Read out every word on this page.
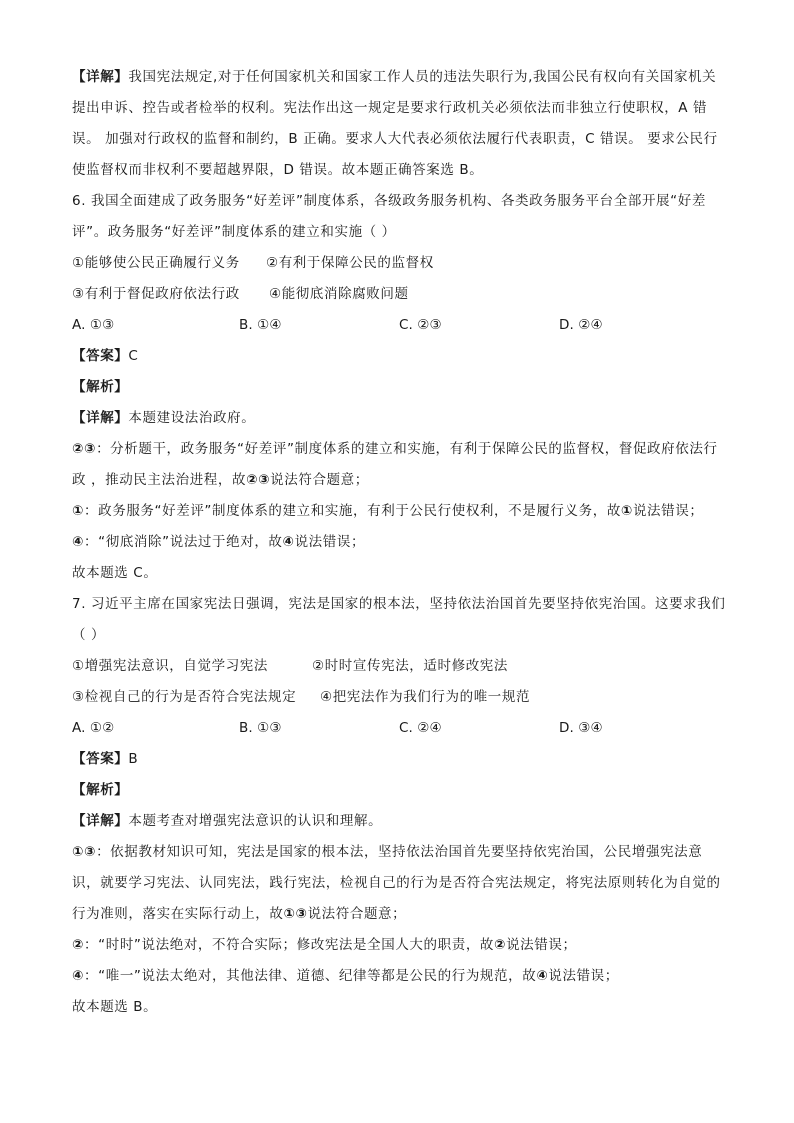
【详解】我国宪法规定,对于任何国家机关和国家工作人员的违法失职行为,我国公民有权向有关国家机关
提出申诉、控告或者检举的权利。宪法作出这一规定是要求行政机关必须依法而非独立行使职权，A 错
误。 加强对行政权的监督和制约，B 正确。要求人大代表必须依法履行代表职责，C 错误。 要求公民行
使监督权而非权利不要超越界限，D 错误。故本题正确答案选 B。
6. 我国全面建成了政务服务“好差评”制度体系，各级政务服务机构、各类政务服务平台全部开展“好差
评”。政务服务“好差评”制度体系的建立和实施（ ）
①能够使公民正确履行义务 ②有利于保障公民的监督权
③有利于督促政府依法行政 ④能彻底消除腐败问题
A. ①③	B. ①④	C. ②③	D. ②④
【答案】C
【解析】
【详解】本题建设法治政府。
②③：分析题干，政务服务“好差评”制度体系的建立和实施，有利于保障公民的监督权，督促政府依法行
政 ，推动民主法治进程，故②③说法符合题意；
①：政务服务“好差评”制度体系的建立和实施，有利于公民行使权利，不是履行义务，故①说法错误；
④：“彻底消除”说法过于绝对，故④说法错误；
故本题选 C。
7. 习近平主席在国家宪法日强调，宪法是国家的根本法，坚持依法治国首先要坚持依宪治国。这要求我们
（ ）
①增强宪法意识，自觉学习宪法	②时时宣传宪法，适时修改宪法
③检视自己的行为是否符合宪法规定 ④把宪法作为我们行为的唯一规范
A. ①②	B. ①③	C. ②④	D. ③④
【答案】B
【解析】
【详解】本题考查对增强宪法意识的认识和理解。
①③：依据教材知识可知，宪法是国家的根本法，坚持依法治国首先要坚持依宪治国，公民增强宪法意
识，就要学习宪法、认同宪法，践行宪法，检视自己的行为是否符合宪法规定，将宪法原则转化为自觉的
行为准则，落实在实际行动上，故①③说法符合题意；
②：“时时”说法绝对，不符合实际；修改宪法是全国人大的职责，故②说法错误；
④：“唯一”说法太绝对，其他法律、道德、纪律等都是公民的行为规范，故④说法错误；
故本题选 B。
